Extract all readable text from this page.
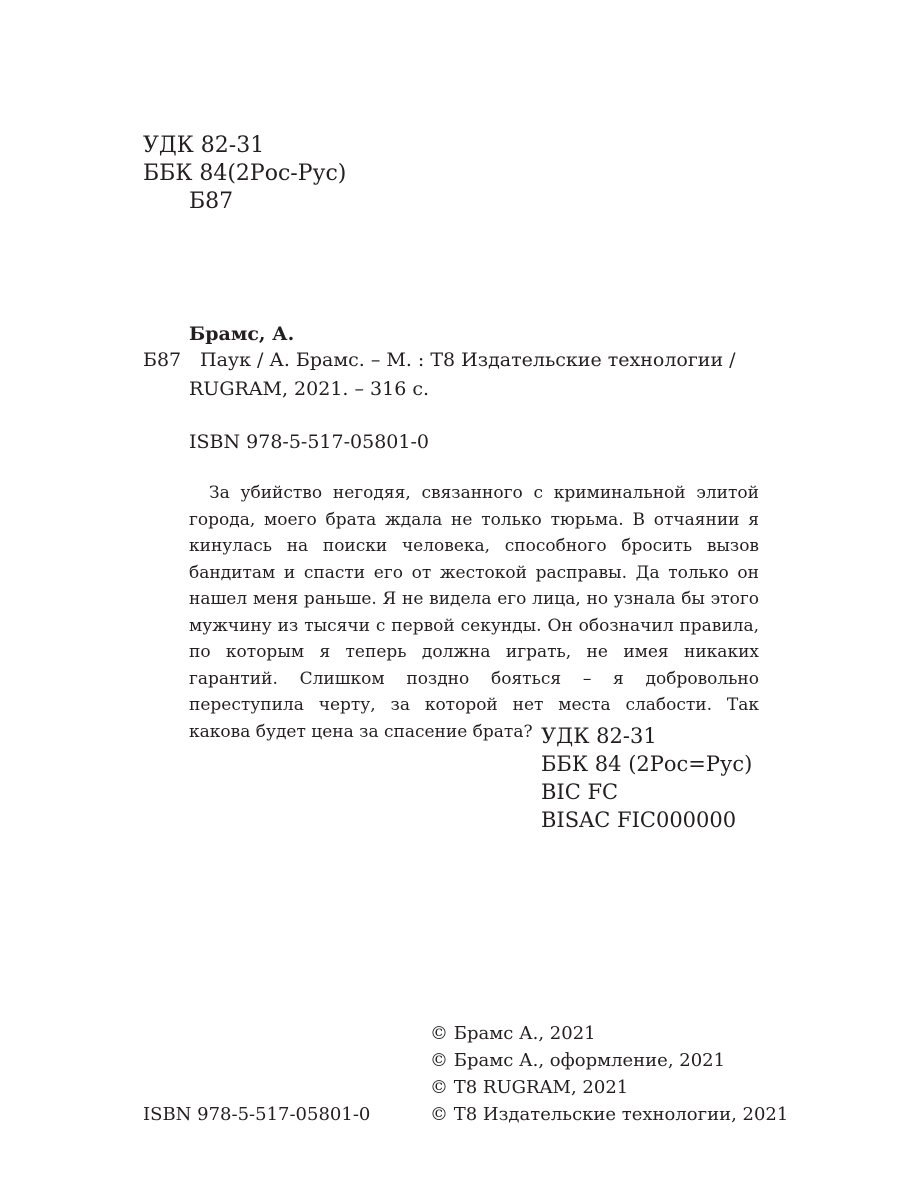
УДК 82-31
ББК 84(2Рос-Рус)
Б87
Брамс, А.
Б87 Паук / А. Брамс. – М. : Т8 Издательские технологии /
RUGRAM, 2021. – 316 с.
ISBN 978-5-517-05801-0

За убийство негодяя, связанного с криминальной элитой города, моего брата ждала не только тюрьма. В отчаянии я кинулась на поиски человека, способного бросить вызов бандитам и спасти его от жестокой расправы. Да только он нашел меня раньше. Я не видела его лица, но узнала бы этого мужчину из тысячи с первой секунды. Он обозначил правила, по которым я теперь должна играть, не имея никаких гарантий. Слишком поздно бояться – я добровольно переступила черту, за которой нет места слабости. Так какова будет цена за спасение брата? УДК 82-31
ББК 84 (2Рос=Рус)
BIC FC
BISAC FIC000000
© Брамс А., 2021
© Брамс А., оформление, 2021
© Т8 RUGRAM, 2021
© Т8 Издательские технологии, 2021
ISBN 978-5-517-05801-0
